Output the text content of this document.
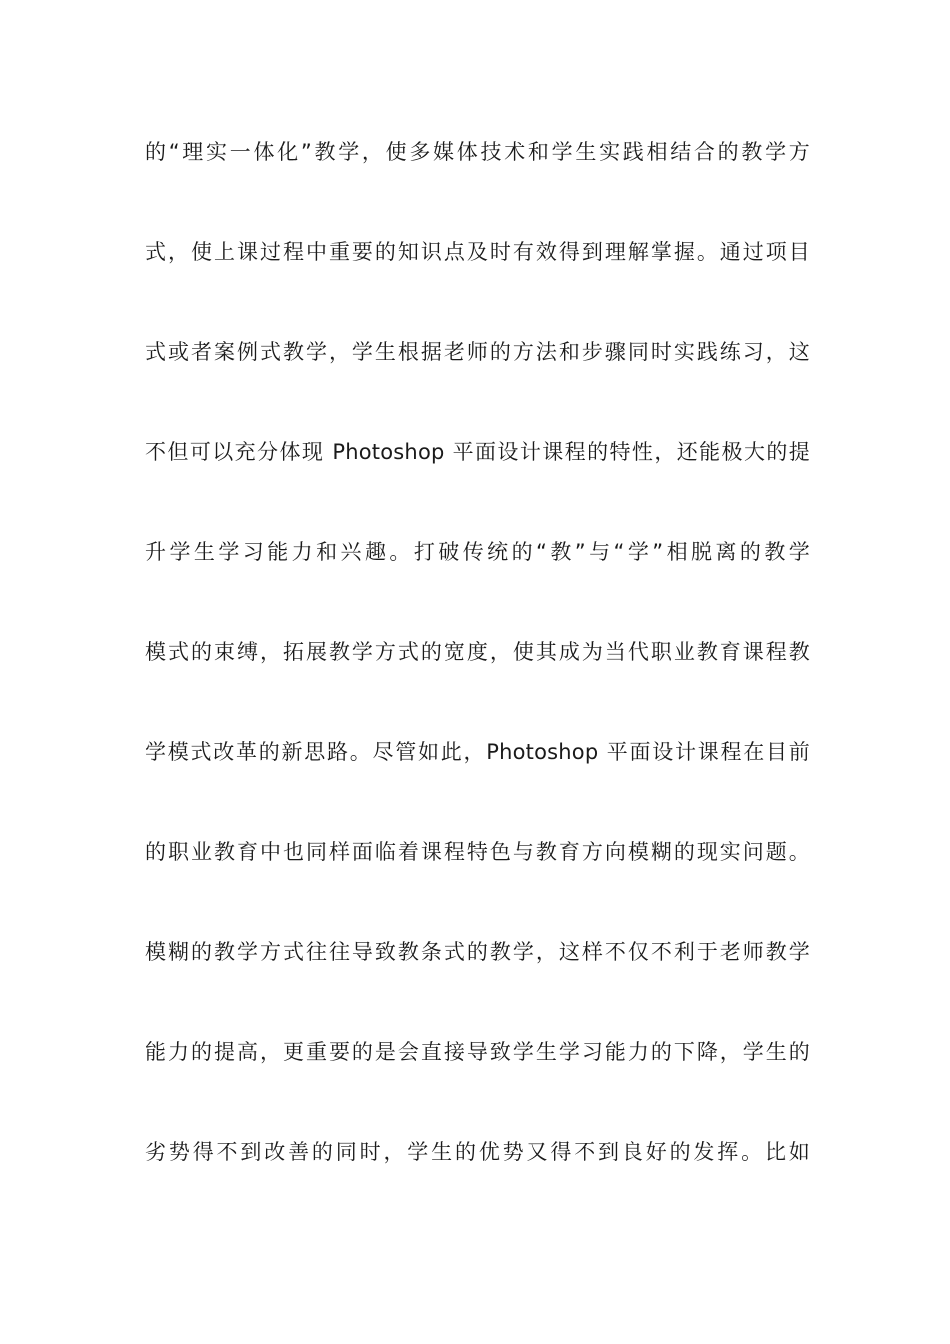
的“理实一体化”教学，使多媒体技术和学生实践相结合的教学方
式，使上课过程中重要的知识点及时有效得到理解掌握。通过项目
式或者案例式教学，学生根据老师的方法和步骤同时实践练习，这
不但可以充分体现 Photoshop 平面设计课程的特性，还能极大的提
升学生学习能力和兴趣。打破传统的“教”与“学”相脱离的教学
模式的束缚，拓展教学方式的宽度，使其成为当代职业教育课程教
学模式改革的新思路。尽管如此，Photoshop 平面设计课程在目前
的职业教育中也同样面临着课程特色与教育方向模糊的现实问题。
模糊的教学方式往往导致教条式的教学，这样不仅不利于老师教学
能力的提高，更重要的是会直接导致学生学习能力的下降，学生的
劣势得不到改善的同时，学生的优势又得不到良好的发挥。比如
